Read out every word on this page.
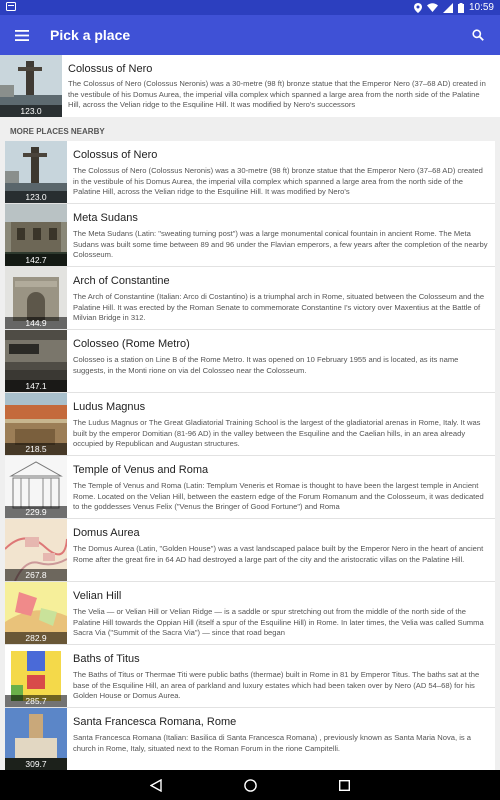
10:59
Pick a place
123.0
Colossus of Nero
The Colossus of Nero (Colossus Neronis) was a 30-metre (98 ft) bronze statue that the Emperor Nero (37–68 AD) created in the vestibule of his Domus Aurea, the imperial villa complex which spanned a large area from the north side of the Palatine Hill, across the Velian ridge to the Esquiline Hill. It was modified by Nero's successors
MORE PLACES NEARBY
123.0
Colossus of Nero
The Colossus of Nero (Colossus Neronis) was a 30-metre (98 ft) bronze statue that the Emperor Nero (37–68 AD) created in the vestibule of his Domus Aurea, the imperial villa complex which spanned a large area from the north side of the Palatine Hill, across the Velian ridge to the Esquiline Hill. It was modified by Nero's
142.7
Meta Sudans
The Meta Sudans (Latin: "sweating turning post") was a large monumental conical fountain in ancient Rome. The Meta Sudans was built some time between 89 and 96 under the Flavian emperors, a few years after the completion of the nearby Colosseum.
144.9
Arch of Constantine
The Arch of Constantine (Italian: Arco di Costantino) is a triumphal arch in Rome, situated between the Colosseum and the Palatine Hill. It was erected by the Roman Senate to commemorate Constantine I's victory over Maxentius at the Battle of Milvian Bridge in 312.
147.1
Colosseo (Rome Metro)
Colosseo is a station on Line B of the Rome Metro. It was opened on 10 February 1955 and is located, as its name suggests, in the Monti rione on via del Colosseo near the Colosseum.
218.5
Ludus Magnus
The Ludus Magnus or The Great Gladiatorial Training School is the largest of the gladiatorial arenas in Rome, Italy. It was built by the emperor Domitian (81-96 AD) in the valley between the Esquiline and the Caelian hills, in an area already occupied by Republican and Augustan structures.
229.9
Temple of Venus and Roma
The Temple of Venus and Roma (Latin: Templum Veneris et Romae is thought to have been the largest temple in Ancient Rome. Located on the Velian Hill, between the eastern edge of the Forum Romanum and the Colosseum, it was dedicated to the goddesses Venus Felix ("Venus the Bringer of Good Fortune") and Roma
267.8
Domus Aurea
The Domus Aurea (Latin, "Golden House") was a vast landscaped palace built by the Emperor Nero in the heart of ancient Rome after the great fire in 64 AD had destroyed a large part of the city and the aristocratic villas on the Palatine Hill.
282.9
Velian Hill
The Velia — or Velian Hill or Velian Ridge — is a saddle or spur stretching out from the middle of the north side of the Palatine Hill towards the Oppian Hill (itself a spur of the Esquiline Hill) in Rome. In later times, the Velia was called Summa Sacra Via ("Summit of the Sacra Via") — since that road began
285.7
Baths of Titus
The Baths of Titus or Thermae Titi were public baths (thermae) built in Rome in 81 by Emperor Titus. The baths sat at the base of the Esquiline Hill, an area of parkland and luxury estates which had been taken over by Nero (AD 54–68) for his Golden House or Domus Aurea.
309.7
Santa Francesca Romana, Rome
Santa Francesca Romana (Italian: Basilica di Santa Francesca Romana) , previously known as Santa Maria Nova, is a church in Rome, Italy, situated next to the Roman Forum in the rione Campitelli.
